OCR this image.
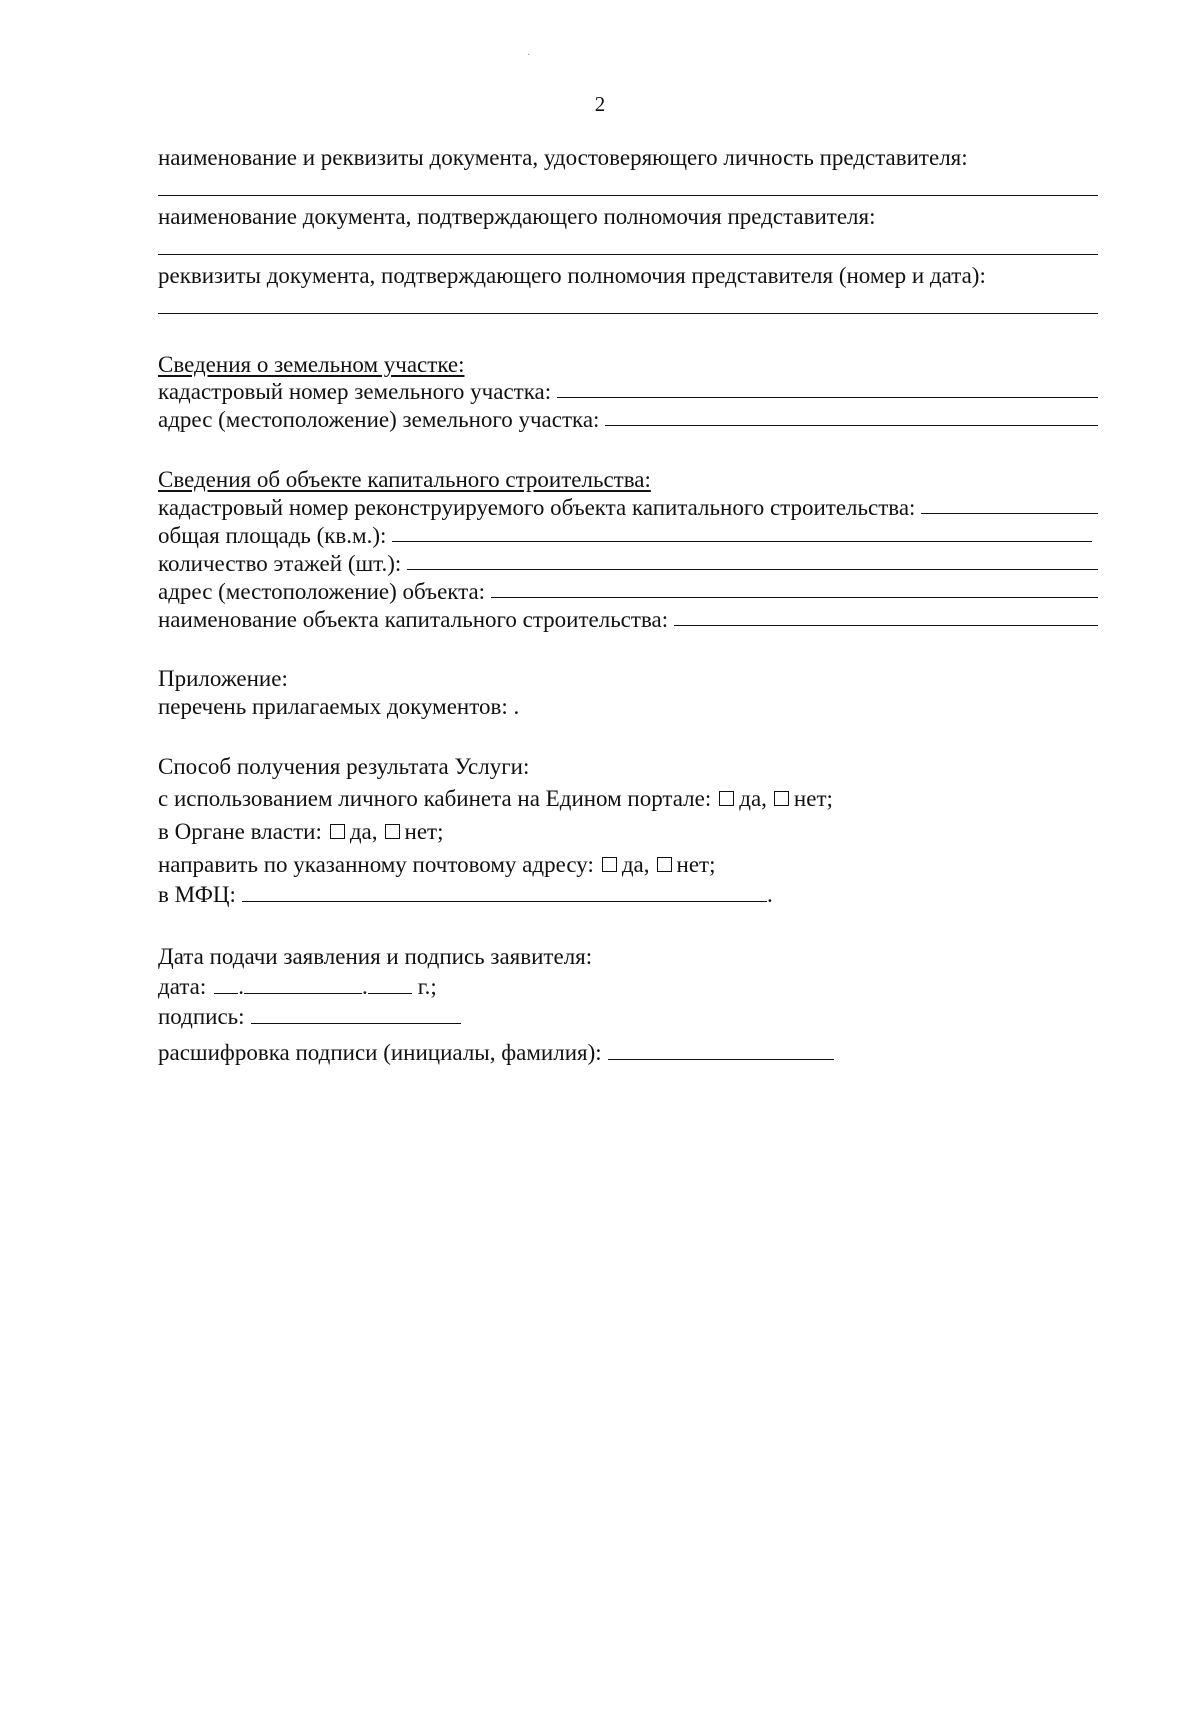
·
2
наименование и реквизиты документа, удостоверяющего личность представителя:
наименование документа, подтверждающего полномочия представителя:
реквизиты документа, подтверждающего полномочия представителя (номер и дата):
Сведения о земельном участке:
кадастровый номер земельного участка:
адрес (местоположение) земельного участка:
Сведения об объекте капитального строительства:
кадастровый номер реконструируемого объекта капитального строительства:
общая площадь (кв.м.):
количество этажей (шт.):
адрес (местоположение) объекта:
наименование объекта капитального строительства:
Приложение:
перечень прилагаемых документов: .
Способ получения результата Услуги:
с использованием личного кабинета на Едином портале: да, нет;
в Органе власти: да, нет;
направить по указанному почтовому адресу: да, нет;
в МФЦ:	.
Дата подачи заявления и подпись заявителя:
дата: .	. г.;
подпись:
расшифровка подписи (инициалы, фамилия):
